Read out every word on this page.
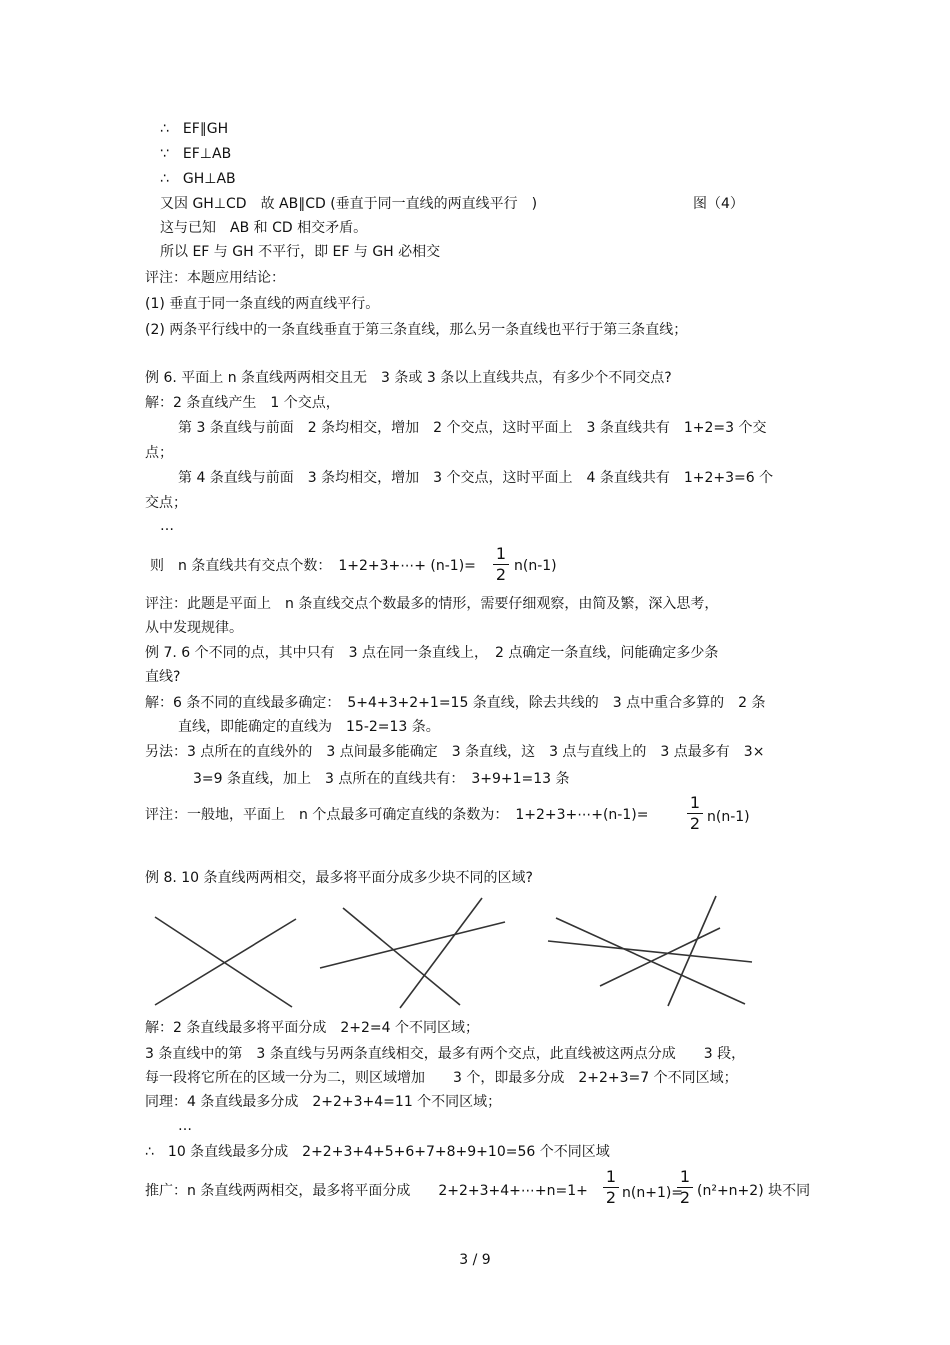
∴　EF∥GH
∵　EF⊥AB
∴　GH⊥AB
又因 GH⊥CD　故 AB∥CD (垂直于同一直线的两直线平行　)	图（4）
这与已知　AB 和 CD 相交矛盾。
所以 EF 与 GH 不平行，即 EF 与 GH 必相交
评注：本题应用结论：
(1) 垂直于同一条直线的两直线平行。
(2) 两条平行线中的一条直线垂直于第三条直线，那么另一条直线也平行于第三条直线；
例 6. 平面上 n 条直线两两相交且无　3 条或 3 条以上直线共点，有多少个不同交点?
解：2 条直线产生　1 个交点，
第 3 条直线与前面　2 条均相交，增加　2 个交点，这时平面上　3 条直线共有　1+2=3 个交
点；
第 4 条直线与前面　3 条均相交，增加　3 个交点，这时平面上　4 条直线共有　1+2+3=6 个
交点；
…
则　n 条直线共有交点个数：　1+2+3+⋯+ $(n-1)= \frac{1}{2} n(n-1)$
评注：此题是平面上　n 条直线交点个数最多的情形，需要仔细观察，由简及繁，深入思考，
从中发现规律。
例 7. 6 个不同的点，其中只有　3 点在同一条直线上，　2 点确定一条直线，问能确定多少条
直线?
解：6 条不同的直线最多确定：　5+4+3+2+1=15 条直线，除去共线的　3 点中重合多算的　2 条
直线，即能确定的直线为　15-2=13 条。
另法：3 点所在的直线外的　3 点间最多能确定　3 条直线，这　3 点与直线上的　3 点最多有　3×
3=9 条直线，加上　3 点所在的直线共有：　3+9+1=13 条
评注：一般地，平面上　n 个点最多可确定直线的条数为：　1+2+3+⋯+(n-1)= $\frac{1}{2} n(n-1)$
例 8. 10 条直线两两相交，最多将平面分成多少块不同的区域?
解：2 条直线最多将平面分成　2+2=4 个不同区域；
3 条直线中的第　3 条直线与另两条直线相交，最多有两个交点，此直线被这两点分成　　3 段，
每一段将它所在的区域一分为二，则区域增加　　3 个，即最多分成　2+2+3=7 个不同区域；
同理：4 条直线最多分成　2+2+3+4=11 个不同区域；
…
∴　10 条直线最多分成　2+2+3+4+5+6+7+8+9+10=56 个不同区域
推广：n 条直线两两相交，最多将平面分成　　2+2+3+4+⋯+n=1+ $\frac{1}{2} n(n+1)=$
$\frac{1}{2} (n^2+n+2)$ 块不同
3 / 9
